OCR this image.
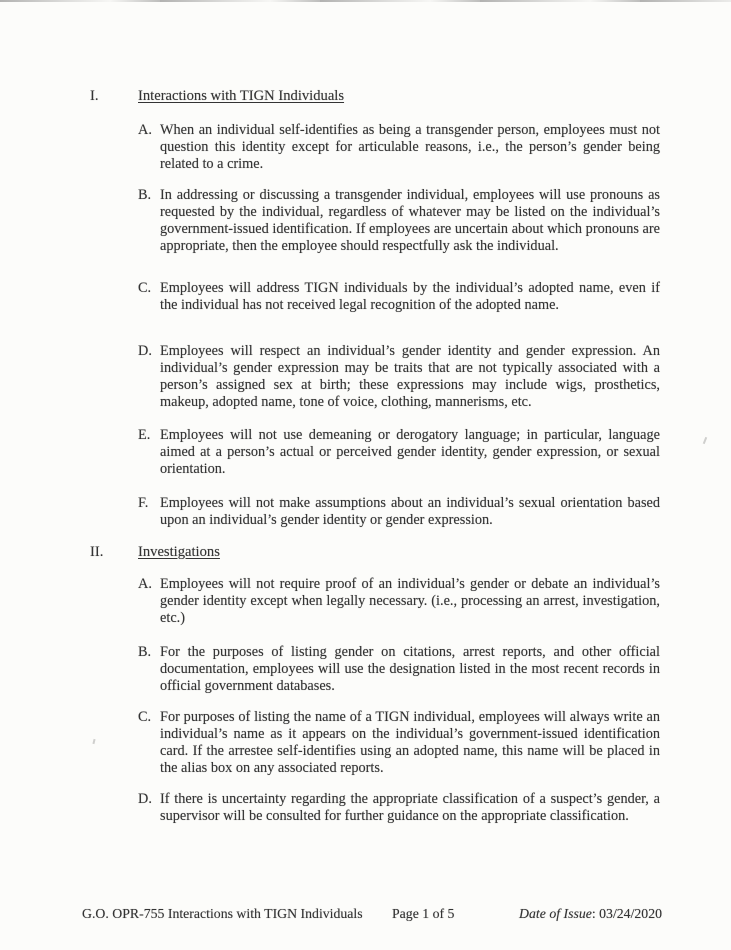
I.	Interactions with TIGN Individuals
A. When an individual self-identifies as being a transgender person, employees must not question this identity except for articulable reasons, i.e., the person’s gender being related to a crime.

B. In addressing or discussing a transgender individual, employees will use pronouns as requested by the individual, regardless of whatever may be listed on the individual’s government-issued identification. If employees are uncertain about which pronouns are appropriate, then the employee should respectfully ask the individual.

C. Employees will address TIGN individuals by the individual’s adopted name, even if the individual has not received legal recognition of the adopted name.

D. Employees will respect an individual’s gender identity and gender expression. An individual’s gender expression may be traits that are not typically associated with a person’s assigned sex at birth; these expressions may include wigs, prosthetics, makeup, adopted name, tone of voice, clothing, mannerisms, etc.

E. Employees will not use demeaning or derogatory language; in particular, language aimed at a person’s actual or perceived gender identity, gender expression, or sexual orientation.

F. Employees will not make assumptions about an individual’s sexual orientation based upon an individual’s gender identity or gender expression.

II.	Investigations
A. Employees will not require proof of an individual’s gender or debate an individual’s gender identity except when legally necessary. (i.e., processing an arrest, investigation, etc.)

B. For the purposes of listing gender on citations, arrest reports, and other official documentation, employees will use the designation listed in the most recent records in official government databases.

C. For purposes of listing the name of a TIGN individual, employees will always write an individual’s name as it appears on the individual’s government-issued identification card. If the arrestee self-identifies using an adopted name, this name will be placed in the alias box on any associated reports.

D. If there is uncertainty regarding the appropriate classification of a suspect’s gender, a supervisor will be consulted for further guidance on the appropriate classification.

G.O. OPR-755 Interactions with TIGN Individuals Page 1 of 5	Date of Issue: 03/24/2020
